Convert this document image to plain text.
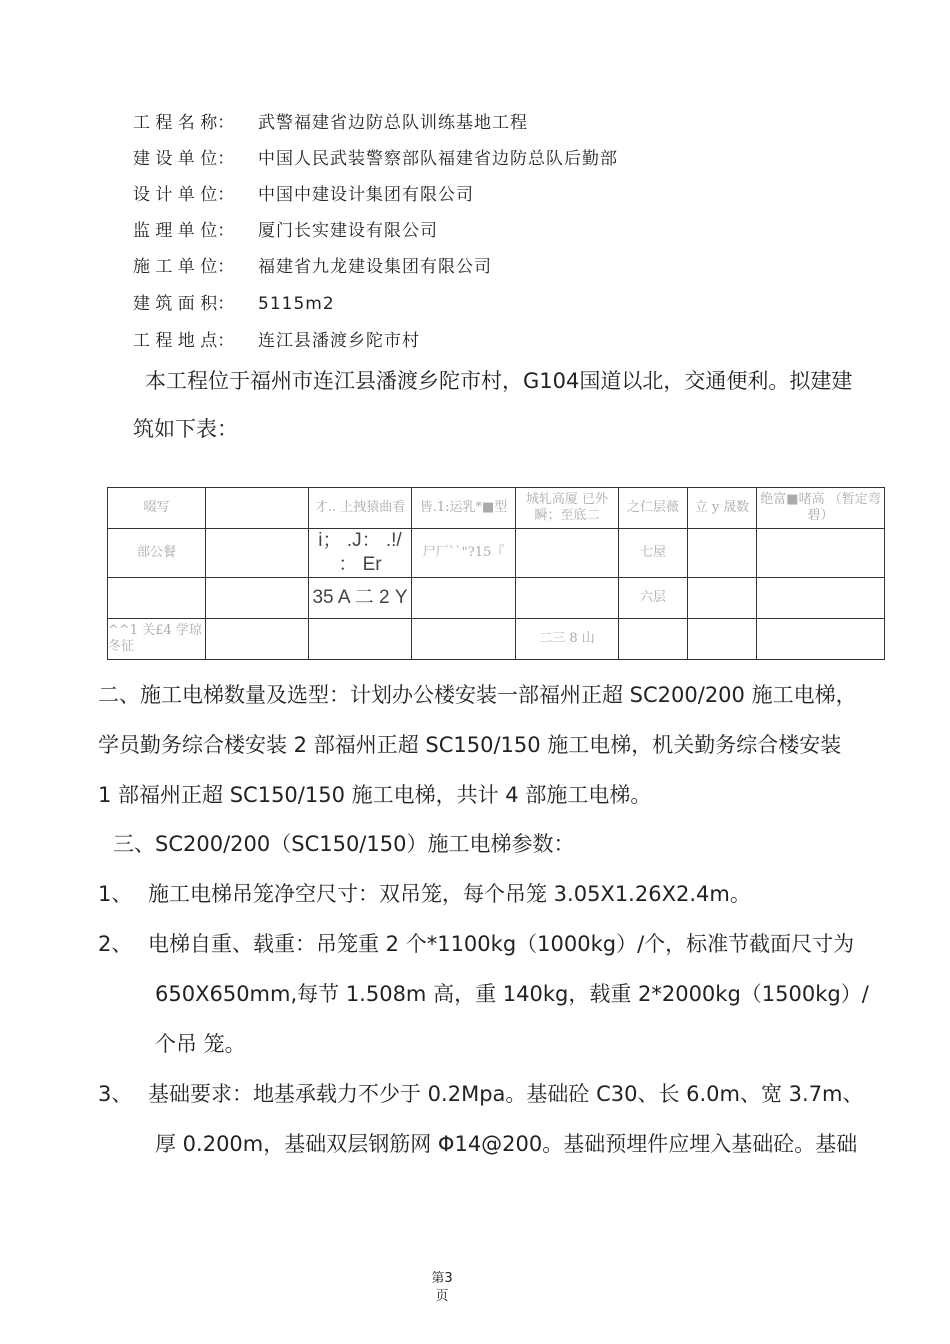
工 程 名 称： 武警福建省边防总队训练基地工程
建 设 单 位： 中国人民武装警察部队福建省边防总队后勤部
设 计 单 位： 中国中建设计集团有限公司
监 理 单 位： 厦门长实建设有限公司
施 工 单 位： 福建省九龙建设集团有限公司
建 筑 面 积： 5115m2
工 程 地 点： 连江县潘渡乡陀市村
本工程位于福州市连江县潘渡乡陀市村，G104国道以北，交通便利。拟建建
筑如下表：
啜写		才.. 上拽猿曲看	皆.1:运乳*■型	城轧高厦 已外瞬；至底二	之仁层薇	立 y 晟数	绝富■啫高 （暂定弯碧）
部公餐		i； .J： .!/ ： Er	尸厂``"?15『		七屋		
		35 A 二 2 Y			六层		
^^1 关£4 学琼冬征				二三 8 山			
二、施工电梯数量及选型：计划办公楼安装一部福州正超 SC200/200 施工电梯，
学员勤务综合楼安装 2 部福州正超 SC150/150 施工电梯，机关勤务综合楼安装
1 部福州正超 SC150/150 施工电梯，共计 4 部施工电梯。
三、SC200/200（SC150/150）施工电梯参数：
1、 施工电梯吊笼净空尺寸：双吊笼，每个吊笼 3.05X1.26X2.4m。
2、 电梯自重、载重：吊笼重 2 个*1100kg（1000kg）/个，标准节截面尺寸为
650X650mm,每节 1.508m 高，重 140kg，载重 2*2000kg（1500kg）/
个吊 笼。
3、 基础要求：地基承载力不少于 0.2Mpa。基础砼 C30、长 6.0m、宽 3.7m、
厚 0.200m，基础双层钢筋网 Φ14@200。基础预埋件应埋入基础砼。基础
第3
页
